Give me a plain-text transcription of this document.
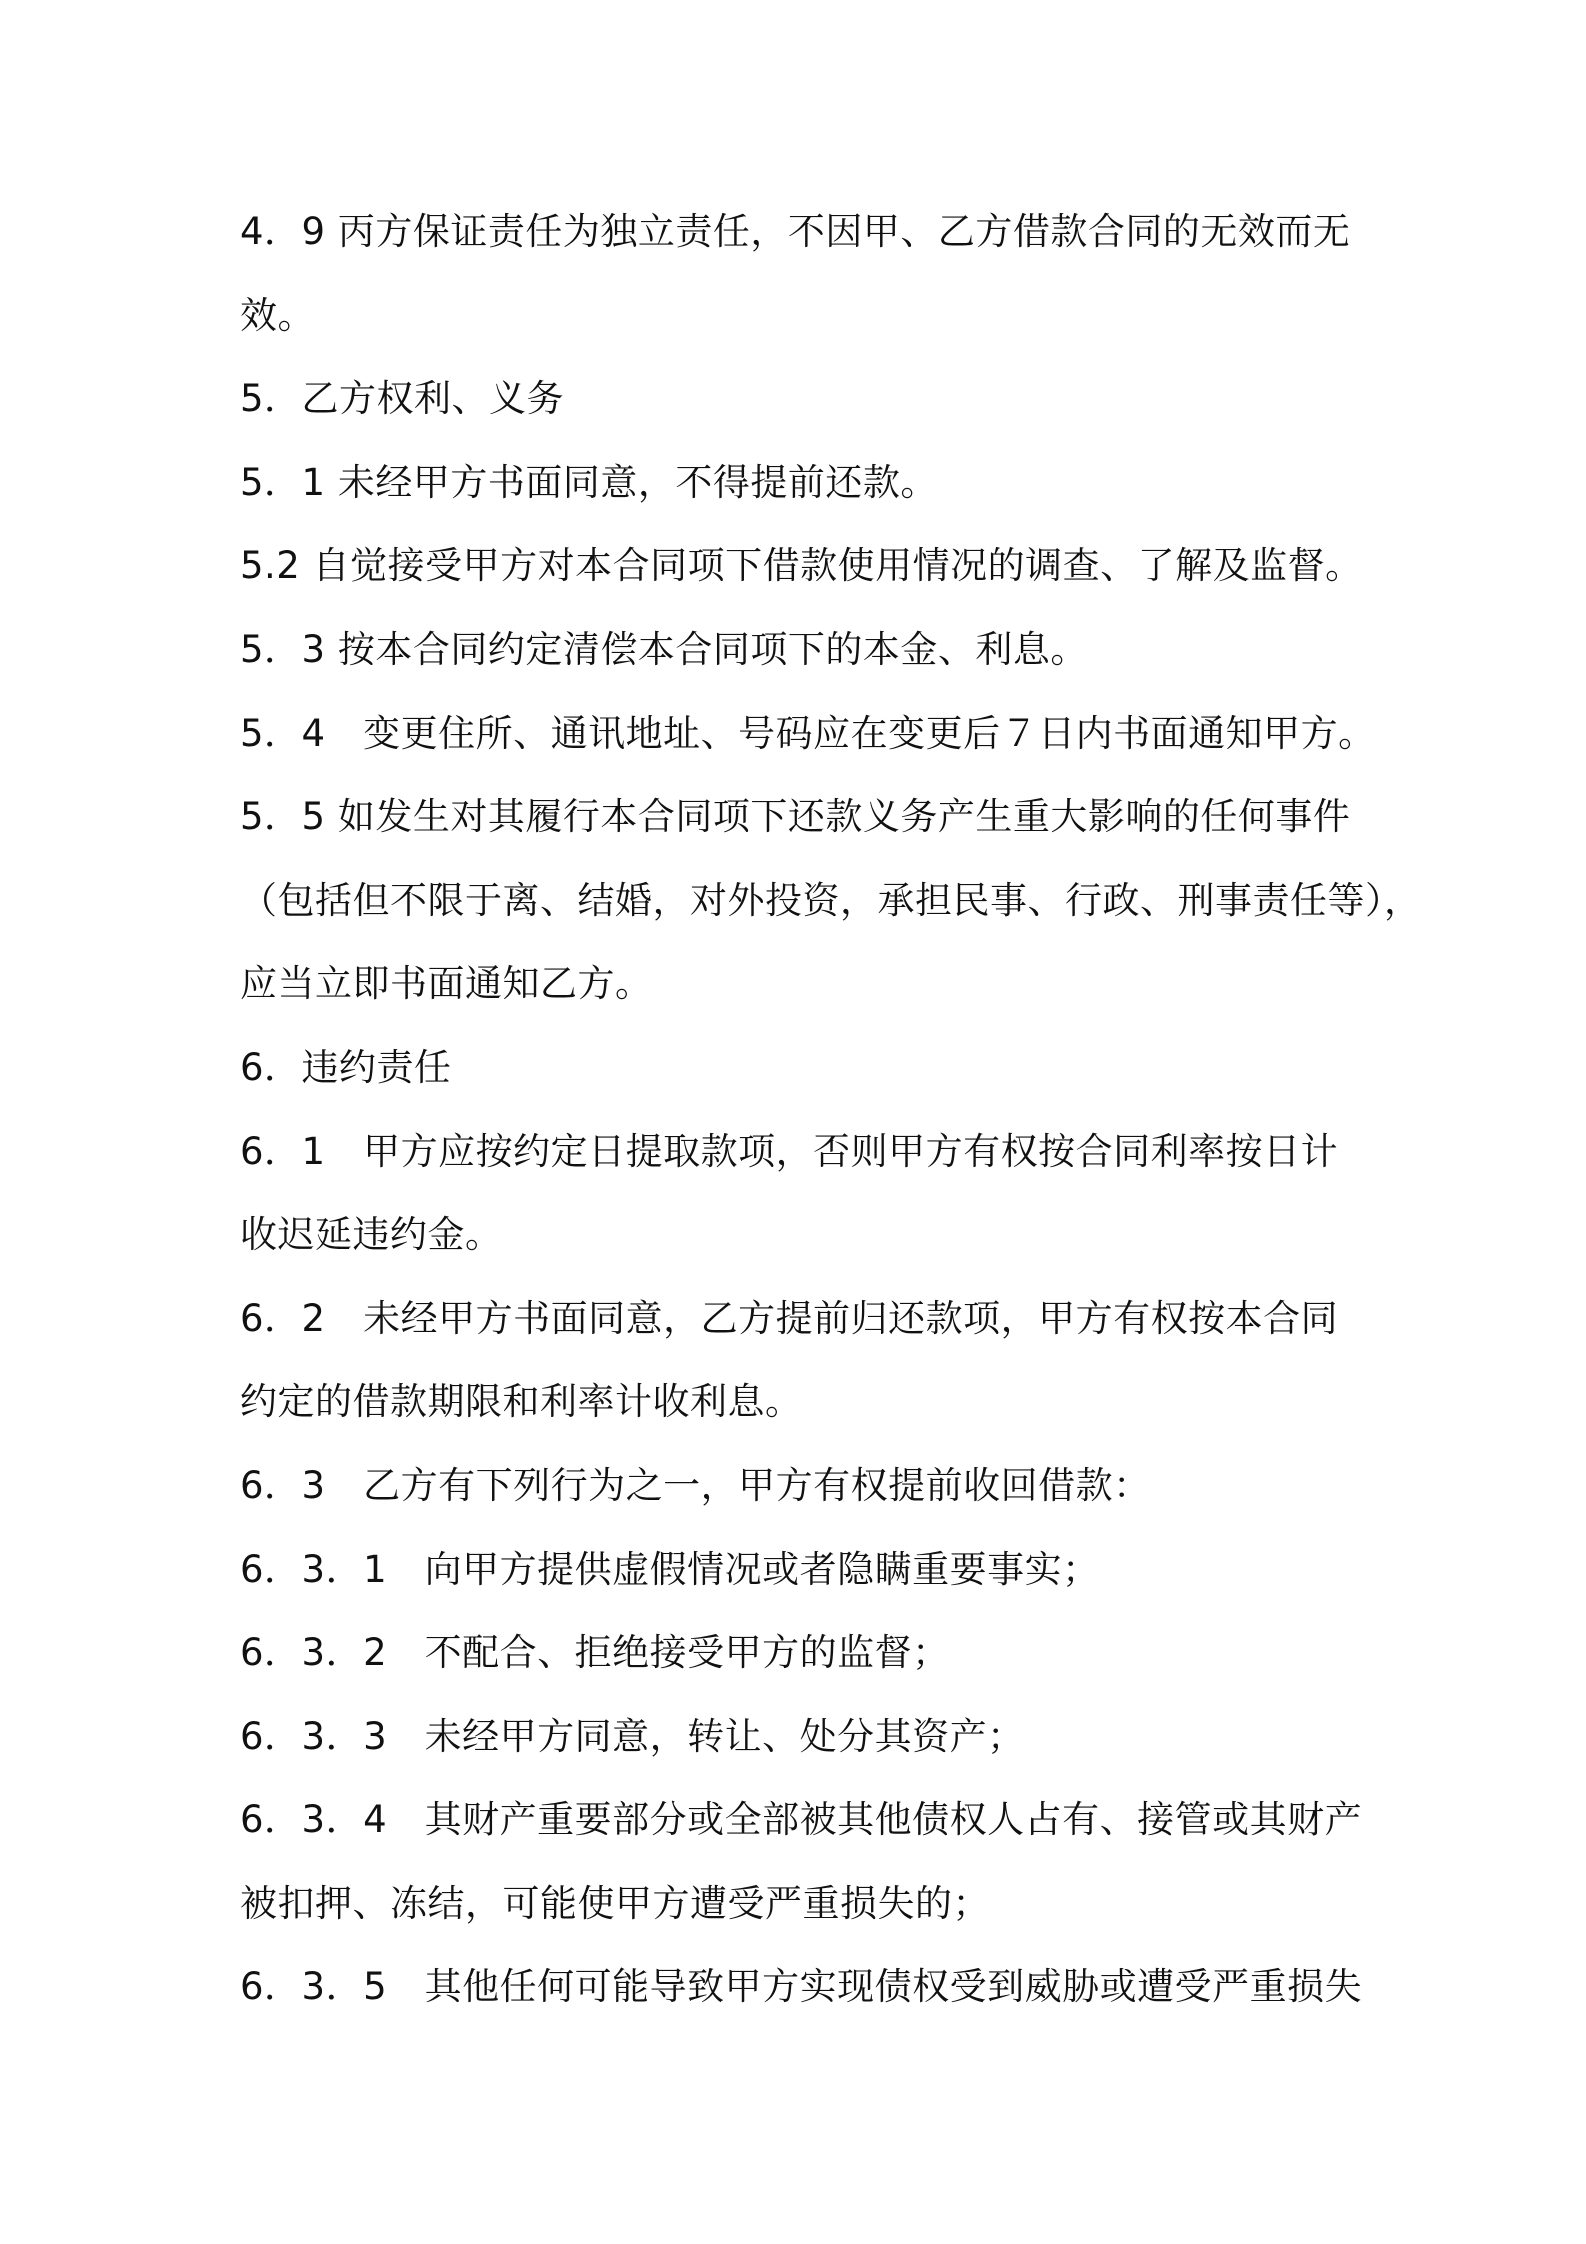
4．9 丙方保证责任为独立责任，不因甲、乙方借款合同的无效而无
效。
5．乙方权利、义务
5．1 未经甲方书面同意，不得提前还款。
5.2 自觉接受甲方对本合同项下借款使用情况的调查、了解及监督。
5．3 按本合同约定清偿本合同项下的本金、利息。
5．4　变更住所、通讯地址、号码应在变更后７日内书面通知甲方。
5．5 如发生对其履行本合同项下还款义务产生重大影响的任何事件
（包括但不限于离、结婚，对外投资，承担民事、行政、刑事责任等），
应当立即书面通知乙方。
6．违约责任
6．1　甲方应按约定日提取款项，否则甲方有权按合同利率按日计
收迟延违约金。
6．2　未经甲方书面同意，乙方提前归还款项，甲方有权按本合同
约定的借款期限和利率计收利息。
6．3　乙方有下列行为之一，甲方有权提前收回借款：
6．3．1　向甲方提供虚假情况或者隐瞒重要事实；
6．3．2　不配合、拒绝接受甲方的监督；
6．3．3　未经甲方同意，转让、处分其资产；
6．3．4　其财产重要部分或全部被其他债权人占有、接管或其财产
被扣押、冻结，可能使甲方遭受严重损失的；
6．3．5　其他任何可能导致甲方实现债权受到威胁或遭受严重损失
